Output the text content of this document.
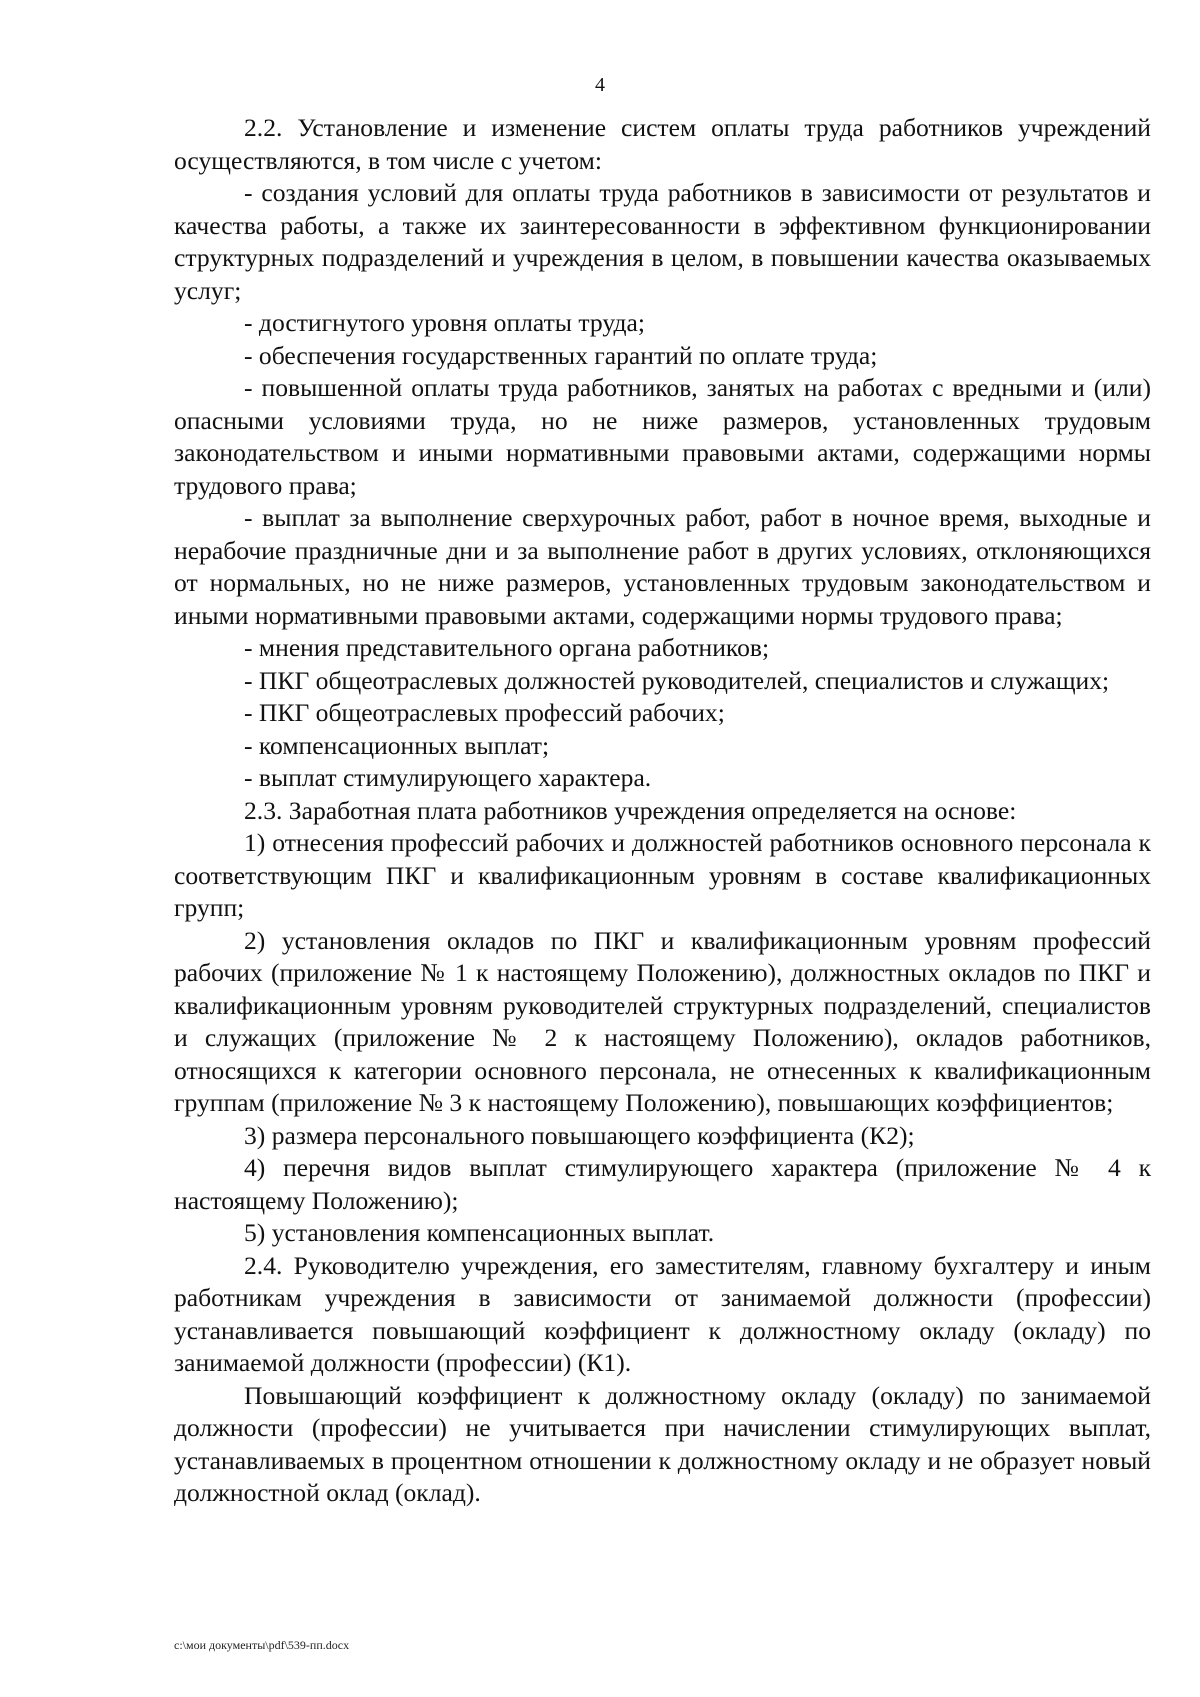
4

2.2. Установление и изменение систем оплаты труда работников учреждений осуществляются, в том числе с учетом:

- создания условий для оплаты труда работников в зависимости от результатов и качества работы, а также их заинтересованности в эффективном функционировании структурных подразделений и учреждения в целом, в повышении качества оказываемых услуг;

- достигнутого уровня оплаты труда;

- обеспечения государственных гарантий по оплате труда;

- повышенной оплаты труда работников, занятых на работах с вредными и (или) опасными условиями труда, но не ниже размеров, установленных трудовым законодательством и иными нормативными правовыми актами, содержащими нормы трудового права;

- выплат за выполнение сверхурочных работ, работ в ночное время, выходные и нерабочие праздничные дни и за выполнение работ в других условиях, отклоняющихся от нормальных, но не ниже размеров, установленных трудовым законодательством и иными нормативными правовыми актами, содержащими нормы трудового права;

- мнения представительного органа работников;

- ПКГ общеотраслевых должностей руководителей, специалистов и служащих;

- ПКГ общеотраслевых профессий рабочих;

- компенсационных выплат;

- выплат стимулирующего характера.

2.3. Заработная плата работников учреждения определяется на основе:

1) отнесения профессий рабочих и должностей работников основного персонала к соответствующим ПКГ и квалификационным уровням в составе квалификационных групп;

2) установления окладов по ПКГ и квалификационным уровням профессий рабочих (приложение № 1 к настоящему Положению), должностных окладов по ПКГ и квалификационным уровням руководителей структурных подразделений, специалистов и служащих (приложение № 2 к настоящему Положению), окладов работников, относящихся к категории основного персонала, не отнесенных к квалификационным группам (приложение № 3 к настоящему Положению), повышающих коэффициентов;

3) размера персонального повышающего коэффициента (К2);

4) перечня видов выплат стимулирующего характера (приложение № 4 к настоящему Положению);

5) установления компенсационных выплат.

2.4. Руководителю учреждения, его заместителям, главному бухгалтеру и иным работникам учреждения в зависимости от занимаемой должности (профессии) устанавливается повышающий коэффициент к должностному окладу (окладу) по занимаемой должности (профессии) (К1).

Повышающий коэффициент к должностному окладу (окладу) по занимаемой должности (профессии) не учитывается при начислении стимулирующих выплат, устанавливаемых в процентном отношении к должностному окладу и не образует новый должностной оклад (оклад).

c:\мои документы\pdf\539-пп.docx
